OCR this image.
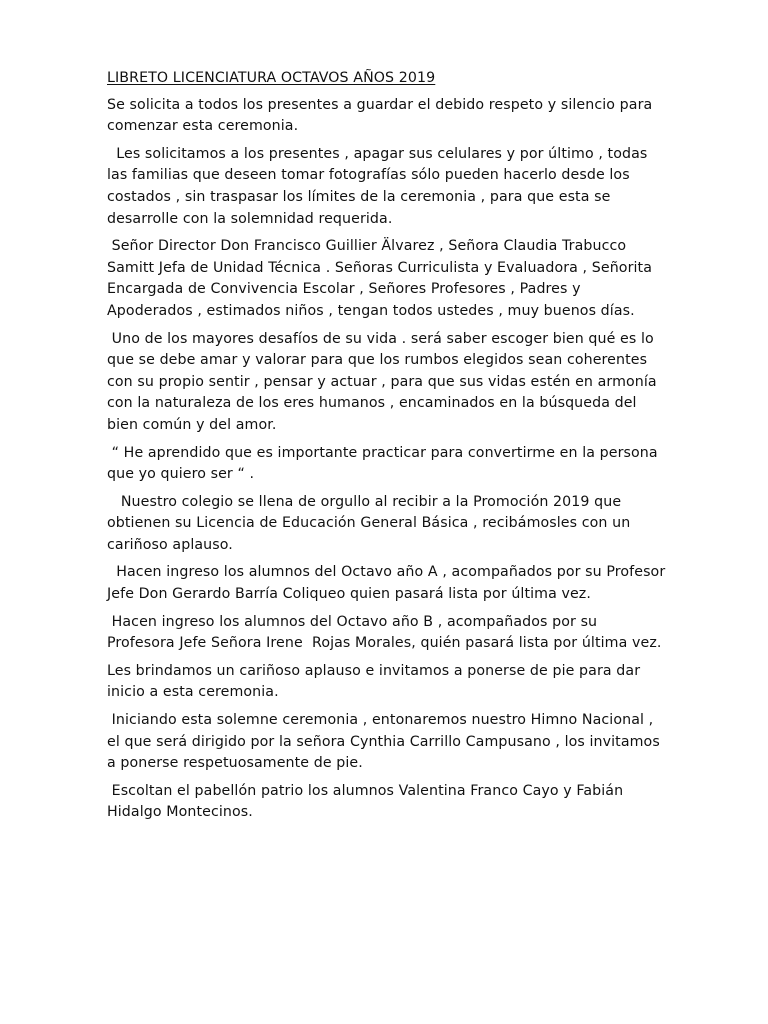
LIBRETO LICENCIATURA OCTAVOS AÑOS 2019

Se solicita a todos los presentes a guardar el debido respeto y silencio para comenzar esta ceremonia.

Les solicitamos a los presentes , apagar sus celulares y por último , todas las familias que deseen tomar fotografías sólo pueden hacerlo desde los costados , sin traspasar los límites de la ceremonia , para que esta se desarrolle con la solemnidad requerida.

Señor Director Don Francisco Guillier Älvarez , Señora Claudia Trabucco Samitt Jefa de Unidad Técnica . Señoras Curriculista y Evaluadora , Señorita Encargada de Convivencia Escolar , Señores Profesores , Padres y Apoderados , estimados niños , tengan todos ustedes , muy buenos días.

Uno de los mayores desafíos de su vida . será saber escoger bien qué es lo que se debe amar y valorar para que los rumbos elegidos sean coherentes con su propio sentir , pensar y actuar , para que sus vidas estén en armonía con la naturaleza de los eres humanos , encaminados en la búsqueda del bien común y del amor.

“ He aprendido que es importante practicar para convertirme en la persona que yo quiero ser “ .

Nuestro colegio se llena de orgullo al recibir a la Promoción 2019 que obtienen su Licencia de Educación General Básica , recibámosles con un cariñoso aplauso.

Hacen ingreso los alumnos del Octavo año A , acompañados por su Profesor Jefe Don Gerardo Barría Coliqueo quien pasará lista por última vez.

Hacen ingreso los alumnos del Octavo año B , acompañados por su Profesora Jefe Señora Irene  Rojas Morales, quién pasará lista por última vez.

Les brindamos un cariñoso aplauso e invitamos a ponerse de pie para dar inicio a esta ceremonia.

Iniciando esta solemne ceremonia , entonaremos nuestro Himno Nacional , el que será dirigido por la señora Cynthia Carrillo Campusano , los invitamos a ponerse respetuosamente de pie.

Escoltan el pabellón patrio los alumnos Valentina Franco Cayo y Fabián Hidalgo Montecinos.
